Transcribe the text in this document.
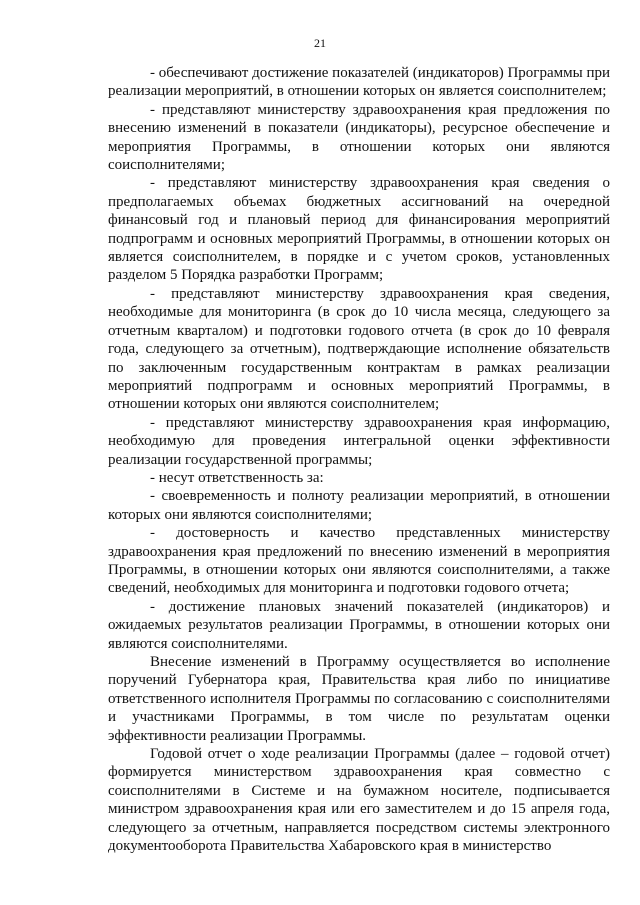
21

- обеспечивают достижение показателей (индикаторов) Программы при реализации мероприятий, в отношении которых он является соисполнителем;

- представляют министерству здравоохранения края предложения по внесению изменений в показатели (индикаторы), ресурсное обеспечение и мероприятия Программы, в отношении которых они являются соисполнителями;

- представляют министерству здравоохранения края сведения о предполагаемых объемах бюджетных ассигнований на очередной финансовый год и плановый период для финансирования мероприятий подпрограмм и основных мероприятий Программы, в отношении которых он является соисполнителем, в порядке и с учетом сроков, установленных разделом 5 Порядка разработки Программ;

- представляют министерству здравоохранения края сведения, необходимые для мониторинга (в срок до 10 числа месяца, следующего за отчетным кварталом) и подготовки годового отчета (в срок до 10 февраля года, следующего за отчетным), подтверждающие исполнение обязательств по заключенным государственным контрактам в рамках реализации мероприятий подпрограмм и основных мероприятий Программы, в отношении которых они являются соисполнителем;

- представляют министерству здравоохранения края информацию, необходимую для проведения интегральной оценки эффективности реализации государственной программы;

- несут ответственность за:

- своевременность и полноту реализации мероприятий, в отношении которых они являются соисполнителями;

- достоверность и качество представленных министерству здравоохранения края предложений по внесению изменений в мероприятия Программы, в отношении которых они являются соисполнителями, а также сведений, необходимых для мониторинга и подготовки годового отчета;

- достижение плановых значений показателей (индикаторов) и ожидаемых результатов реализации Программы, в отношении которых они являются соисполнителями.

Внесение изменений в Программу осуществляется во исполнение поручений Губернатора края, Правительства края либо по инициативе ответственного исполнителя Программы по согласованию с соисполнителями и участниками Программы, в том числе по результатам оценки эффективности реализации Программы.

Годовой отчет о ходе реализации Программы (далее – годовой отчет) формируется министерством здравоохранения края совместно с соисполнителями в Системе и на бумажном носителе, подписывается министром здравоохранения края или его заместителем и до 15 апреля года, следующего за отчетным, направляется посредством системы электронного документооборота Правительства Хабаровского края в министерство
